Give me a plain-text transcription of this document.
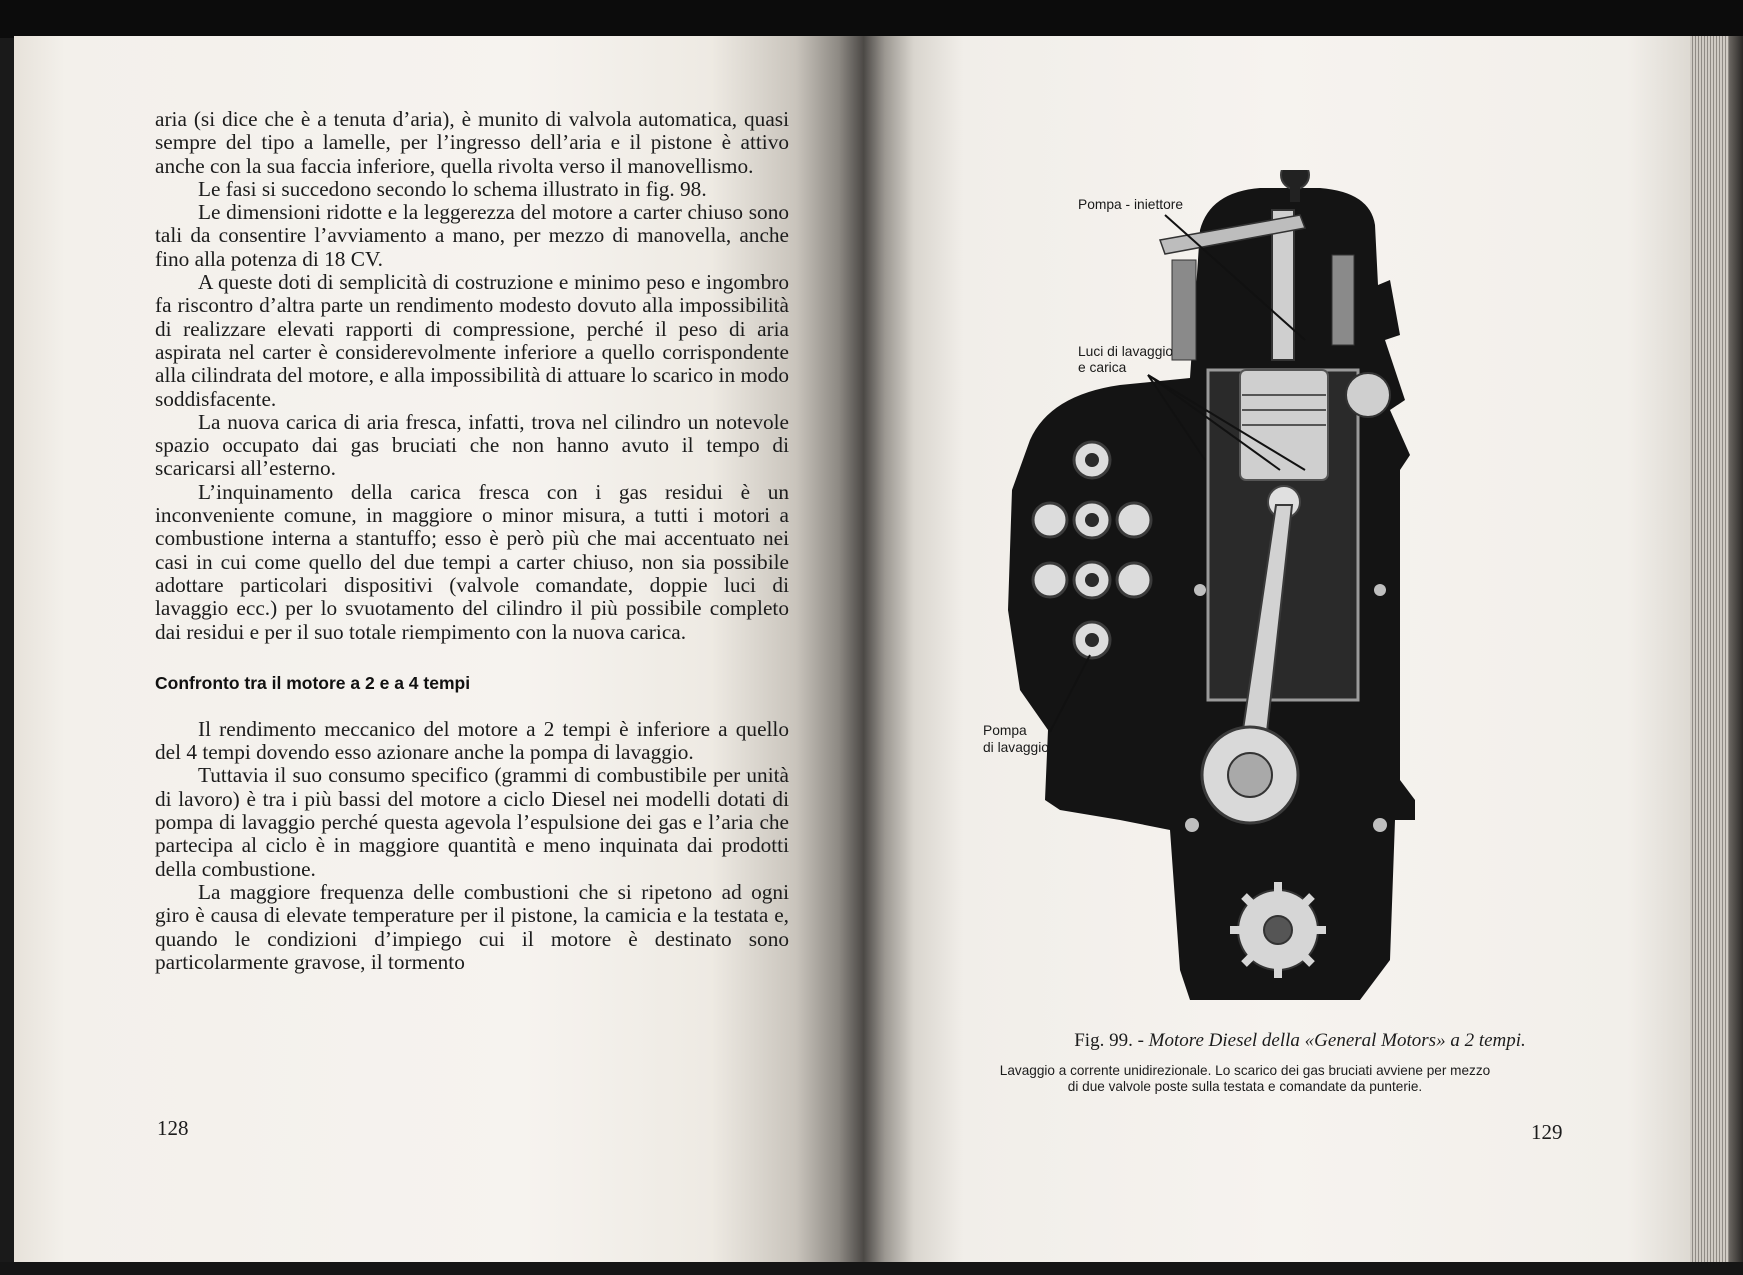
aria (si dice che è a tenuta d’aria), è munito di valvola automatica, quasi sempre del tipo a lamelle, per l’ingresso dell’aria e il pistone è attivo anche con la sua faccia inferiore, quella rivolta verso il manovellismo.

Le fasi si succedono secondo lo schema illustrato in fig. 98.

Le dimensioni ridotte e la leggerezza del motore a carter chiuso sono tali da consentire l’avviamento a mano, per mezzo di manovella, anche fino alla potenza di 18 CV.

A queste doti di semplicità di costruzione e minimo peso e ingombro fa riscontro d’altra parte un rendimento modesto dovuto alla impossibilità di realizzare elevati rapporti di compressione, perché il peso di aria aspirata nel carter è considerevolmente inferiore a quello corrispondente alla cilindrata del motore, e alla impossibilità di attuare lo scarico in modo soddisfacente.

La nuova carica di aria fresca, infatti, trova nel cilindro un notevole spazio occupato dai gas bruciati che non hanno avuto il tempo di scaricarsi all’esterno.

L’inquinamento della carica fresca con i gas residui è un inconveniente comune, in maggiore o minor misura, a tutti i motori a combustione interna a stantuffo; esso è però più che mai accentuato nei casi in cui come quello del due tempi a carter chiuso, non sia possibile adottare particolari dispositivi (valvole comandate, doppie luci di lavaggio ecc.) per lo svuotamento del cilindro il più possibile completo dai residui e per il suo totale riempimento con la nuova carica.

Confronto tra il motore a 2 e a 4 tempi

Il rendimento meccanico del motore a 2 tempi è inferiore a quello del 4 tempi dovendo esso azionare anche la pompa di lavaggio.

Tuttavia il suo consumo specifico (grammi di combustibile per unità di lavoro) è tra i più bassi del motore a ciclo Diesel nei modelli dotati di pompa di lavaggio perché questa agevola l’espulsione dei gas e l’aria che partecipa al ciclo è in maggiore quantità e meno inquinata dai prodotti della combustione.

La maggiore frequenza delle combustioni che si ripetono ad ogni giro è causa di elevate temperature per il pistone, la camicia e la testata e, quando le condizioni d’impiego cui il motore è destinato sono particolarmente gravose, il tormento

128
Pompa - iniettore
Luci di lavaggio
e carica
Pompa
di lavaggio
Fig. 99. - Motore Diesel della «General Motors» a 2 tempi.
Lavaggio a corrente unidirezionale. Lo scarico dei gas bruciati avviene per mezzo
di due valvole poste sulla testata e comandate da punterie.
129
